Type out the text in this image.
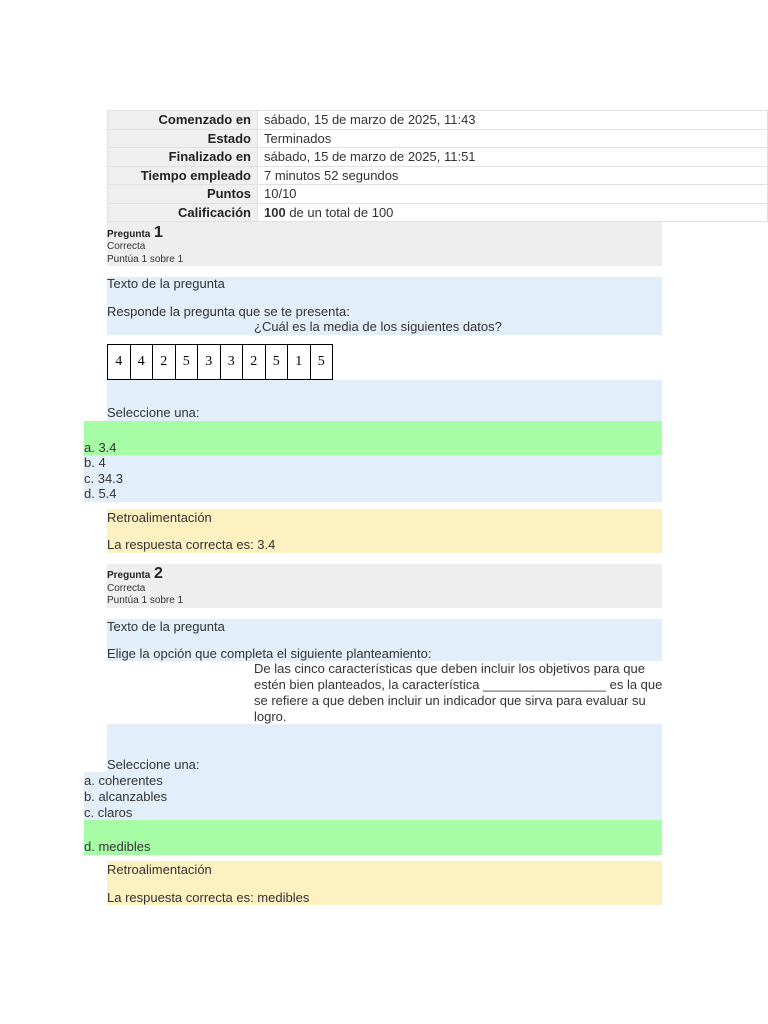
Comenzado en	sábado, 15 de marzo de 2025, 11:43
Estado	Terminados
Finalizado en	sábado, 15 de marzo de 2025, 11:51
Tiempo empleado	7 minutos 52 segundos
Puntos	10/10
Calificación	100 de un total de 100
Pregunta 1
Correcta
Puntúa 1 sobre 1
Texto de la pregunta
Responde la pregunta que se te presenta:
¿Cuál es la media de los siguientes datos?
4	4	2	5	3	3	2	5	1	5
Seleccione una:
a. 3.4
b. 4
c. 34.3
d. 5.4
Retroalimentación
La respuesta correcta es: 3.4
Pregunta 2
Correcta
Puntúa 1 sobre 1
Texto de la pregunta
Elige la opción que completa el siguiente planteamiento:
De las cinco características que deben incluir los objetivos para que
estén bien planteados, la característica _________________ es la que
se refiere a que deben incluir un indicador que sirva para evaluar su
logro.
Seleccione una:
a. coherentes
b. alcanzables
c. claros
d. medibles
Retroalimentación
La respuesta correcta es: medibles
